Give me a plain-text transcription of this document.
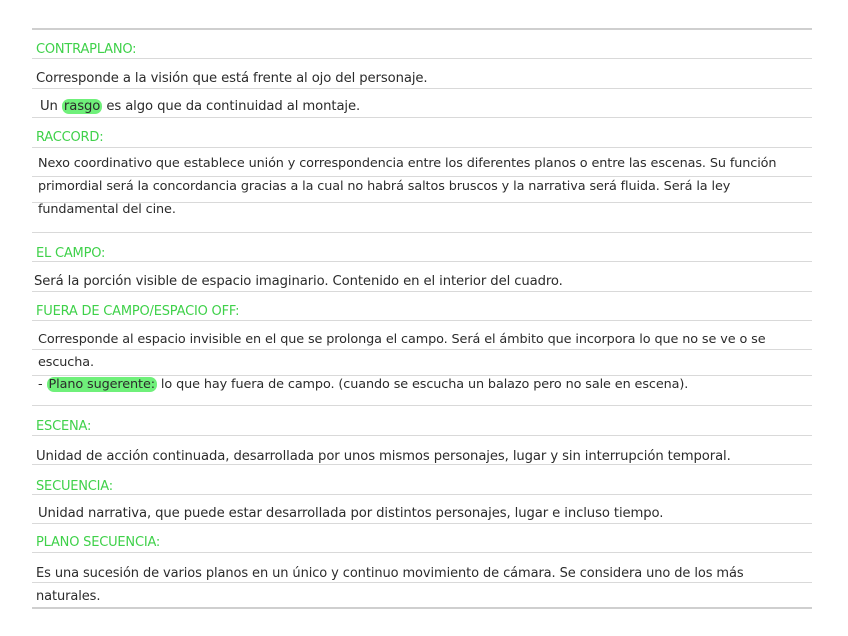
CONTRAPLANO:
Corresponde a la visión que está frente al ojo del personaje.
Un rasgo es algo que da continuidad al montaje.
RACCORD:
Nexo coordinativo que establece unión y correspondencia entre los diferentes planos o entre las escenas. Su función
primordial será la concordancia gracias a la cual no habrá saltos bruscos y la narrativa será fluida. Será la ley
fundamental del cine.
EL CAMPO:
Será la porción visible de espacio imaginario. Contenido en el interior del cuadro.
FUERA DE CAMPO/ESPACIO OFF:
Corresponde al espacio invisible en el que se prolonga el campo. Será el ámbito que incorpora lo que no se ve o se
escucha.
- Plano sugerente: lo que hay fuera de campo. (cuando se escucha un balazo pero no sale en escena).
ESCENA:
Unidad de acción continuada, desarrollada por unos mismos personajes, lugar y sin interrupción temporal.
SECUENCIA:
Unidad narrativa, que puede estar desarrollada por distintos personajes, lugar e incluso tiempo.
PLANO SECUENCIA:
Es una sucesión de varios planos en un único y continuo movimiento de cámara. Se considera uno de los más
naturales.
